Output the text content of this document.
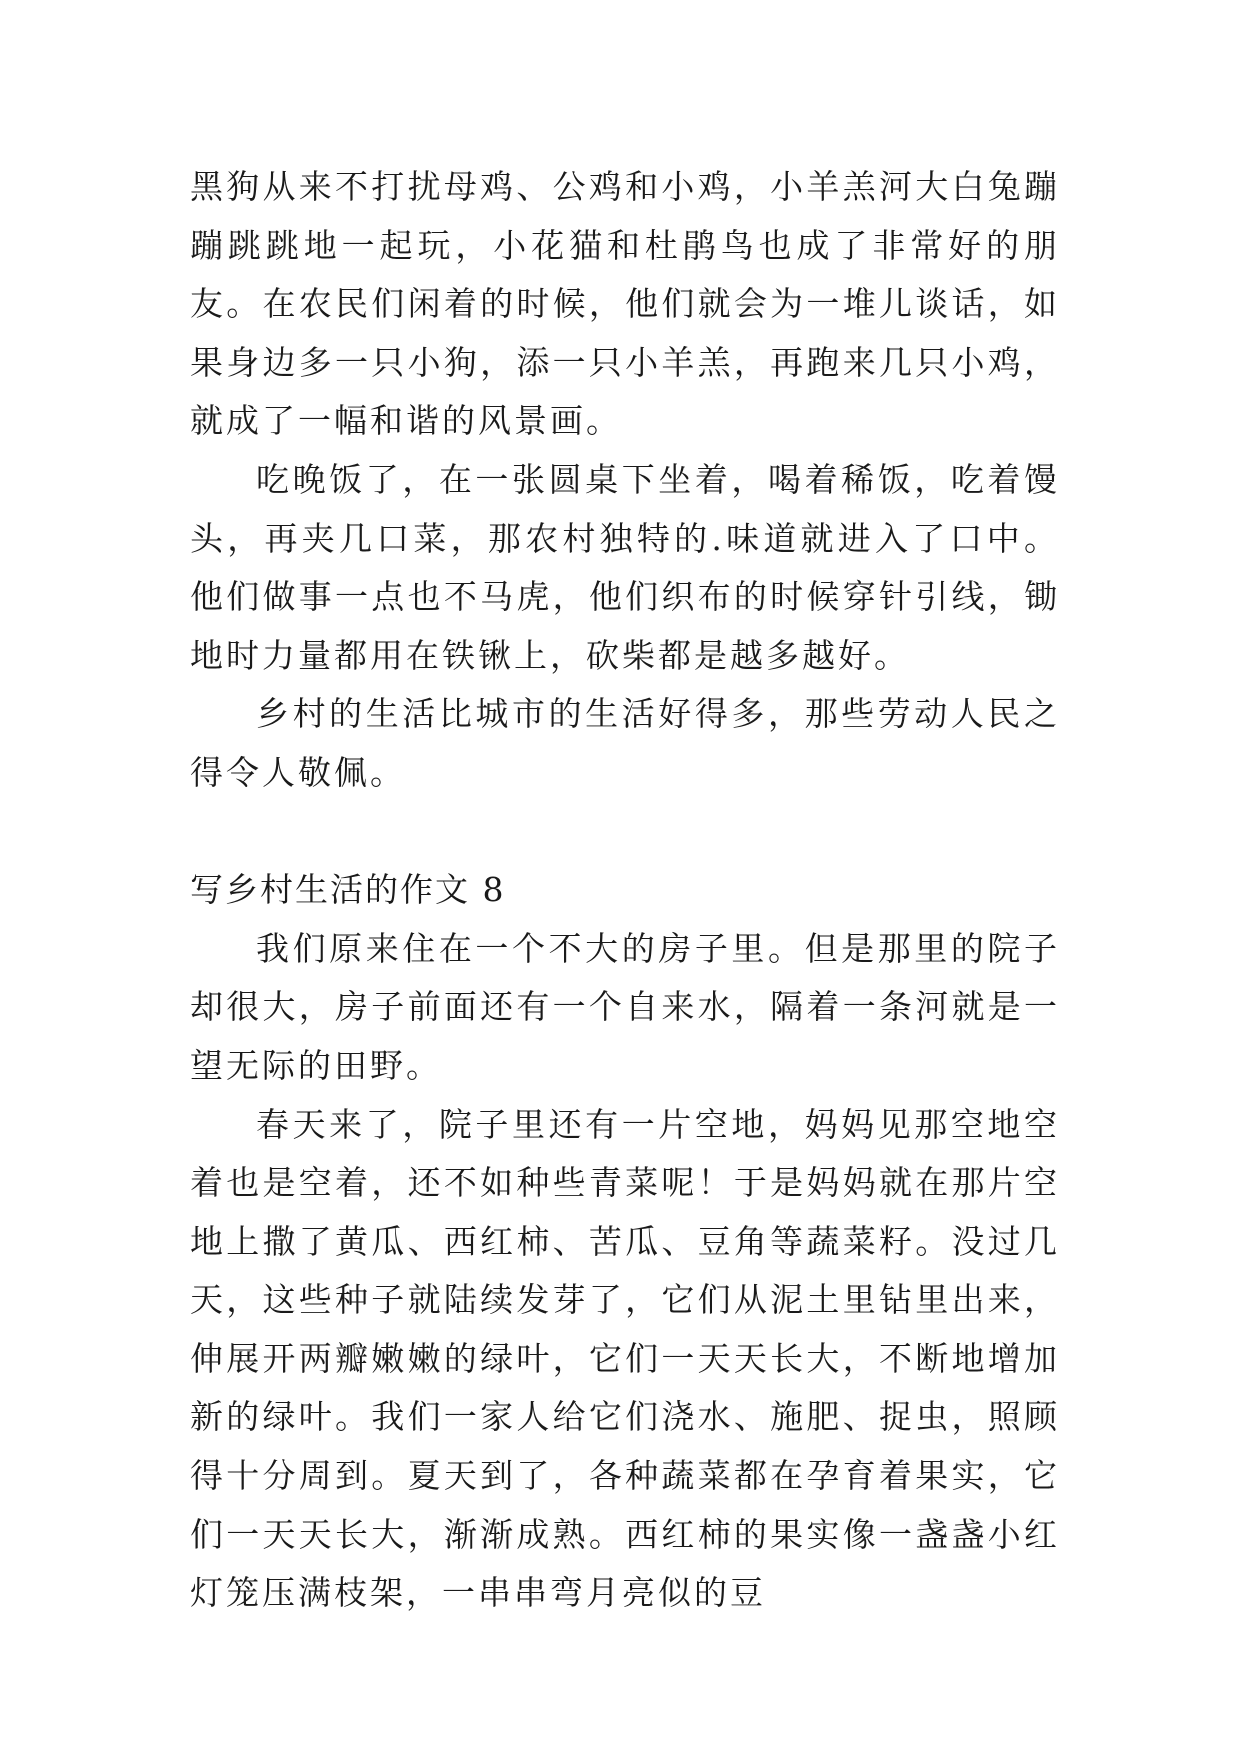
黑狗从来不打扰母鸡、公鸡和小鸡，小羊羔河大白兔蹦蹦跳跳地一起玩，小花猫和杜鹃鸟也成了非常好的朋友。在农民们闲着的时候，他们就会为一堆儿谈话，如果身边多一只小狗，添一只小羊羔，再跑来几只小鸡，就成了一幅和谐的风景画。

吃晚饭了，在一张圆桌下坐着，喝着稀饭，吃着馒头，再夹几口菜，那农村独特的.味道就进入了口中。他们做事一点也不马虎，他们织布的时候穿针引线，锄地时力量都用在铁锹上，砍柴都是越多越好。

乡村的生活比城市的生活好得多，那些劳动人民之得令人敬佩。

写乡村生活的作文 8

我们原来住在一个不大的房子里。但是那里的院子却很大，房子前面还有一个自来水，隔着一条河就是一望无际的田野。

春天来了，院子里还有一片空地，妈妈见那空地空着也是空着，还不如种些青菜呢！于是妈妈就在那片空地上撒了黄瓜、西红柿、苦瓜、豆角等蔬菜籽。没过几天，这些种子就陆续发芽了，它们从泥土里钻里出来，伸展开两瓣嫩嫩的绿叶，它们一天天长大，不断地增加新的绿叶。我们一家人给它们浇水、施肥、捉虫，照顾得十分周到。夏天到了，各种蔬菜都在孕育着果实，它们一天天长大，渐渐成熟。西红柿的果实像一盏盏小红灯笼压满枝架，一串串弯月亮似的豆
